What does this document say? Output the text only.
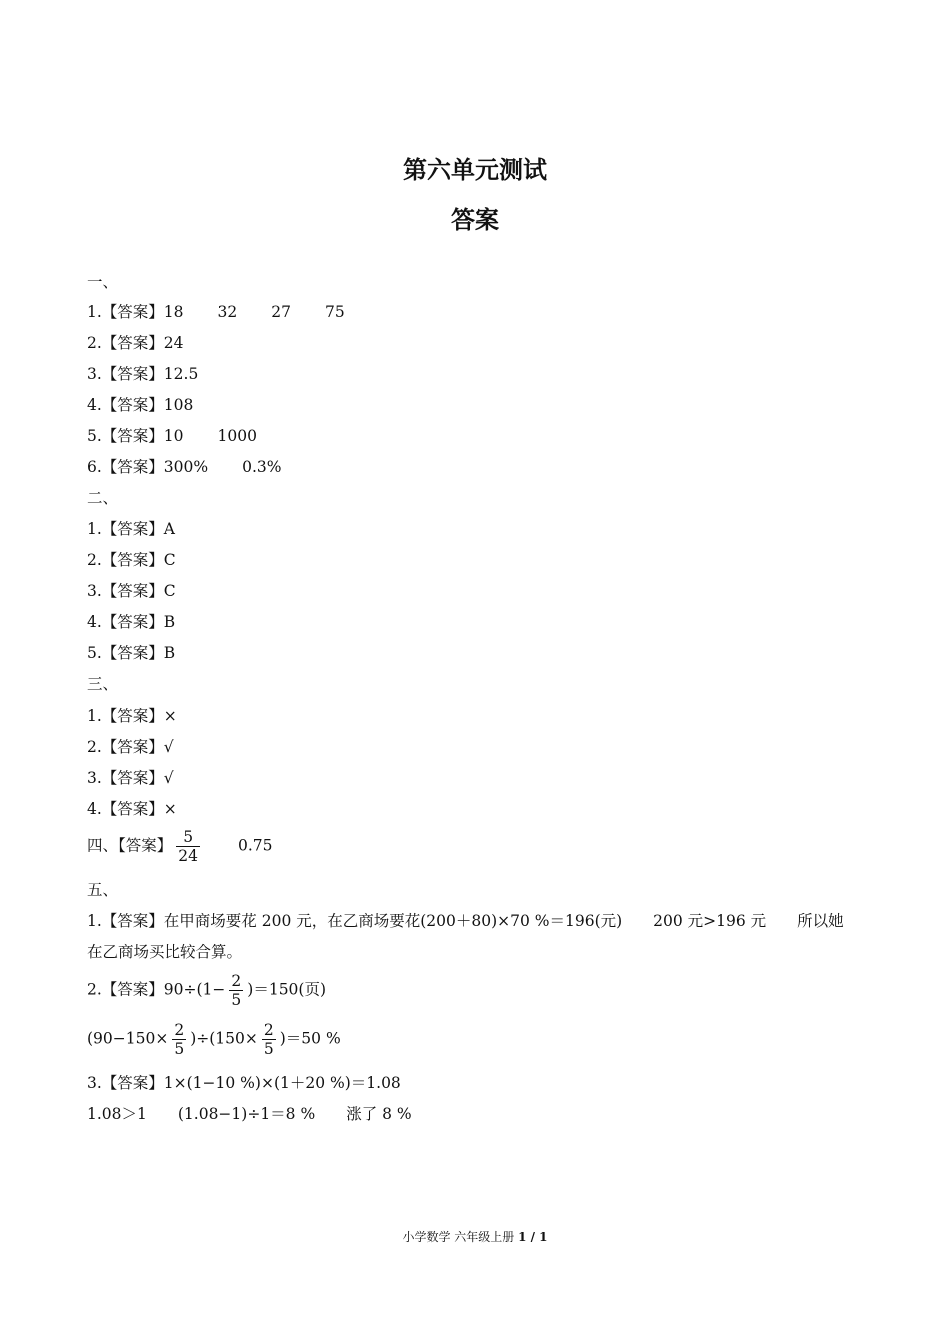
第六单元测试
答案
一、
1.【答案】18 32 27 75
2.【答案】24
3.【答案】12.5
4.【答案】108
5.【答案】10 1000
6.【答案】300% 0.3%
二、
1.【答案】A
2.【答案】C
3.【答案】C
4.【答案】B
5.【答案】B
三、
1.【答案】×
2.【答案】√
3.【答案】√
4.【答案】×
四、【答案】 $\frac{5}{24} 0.75$
五、
1.【答案】在甲商场要花 200 元，在乙商场要花(200＋80)×70 %＝196(元)　　200 元>196 元　　所以她
在乙商场买比较合算。
2.【答案】$90\div(1- \frac{2}{5} )=150$(页)
$(90-150\times \frac{2}{5} )\div(150\times \frac{2}{5} )=50$ %
3.【答案】1×(1−10 %)×(1＋20 %)＝1.08
1.08＞1　　(1.08−1)÷1＝8 %　　涨了 8 %
小学数学 六年级上册 1 / 1
